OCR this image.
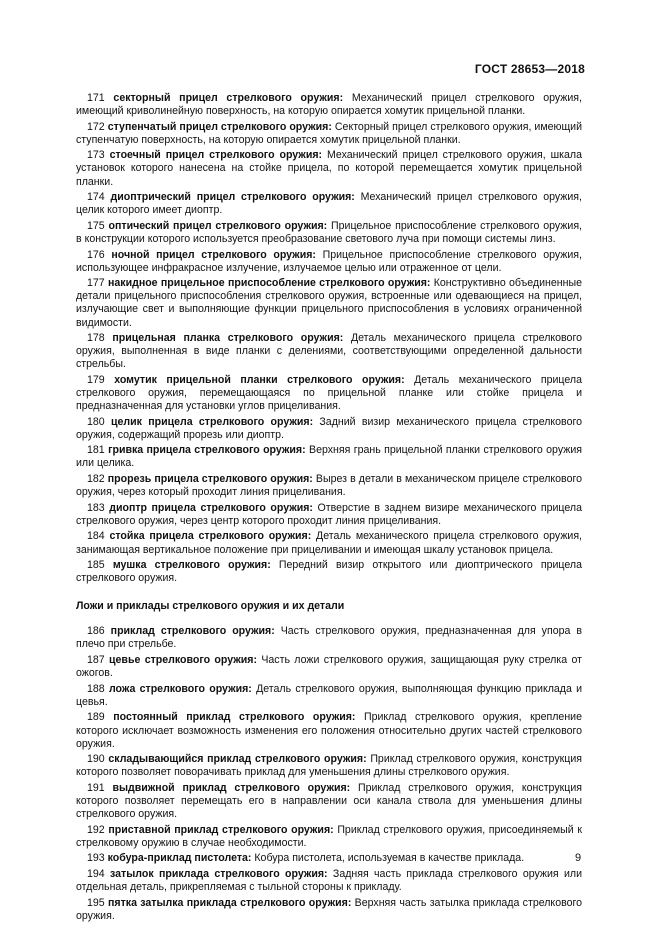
ГОСТ 28653—2018

171 секторный прицел стрелкового оружия: Механический прицел стрелкового оружия, имеющий криволинейную поверхность, на которую опирается хомутик прицельной планки.

172 ступенчатый прицел стрелкового оружия: Секторный прицел стрелкового оружия, имеющий ступенчатую поверхность, на которую опирается хомутик прицельной планки.

173 стоечный прицел стрелкового оружия: Механический прицел стрелкового оружия, шкала установок которого нанесена на стойке прицела, по которой перемещается хомутик прицельной планки.

174 диоптрический прицел стрелкового оружия: Механический прицел стрелкового оружия, целик которого имеет диоптр.

175 оптический прицел стрелкового оружия: Прицельное приспособление стрелкового оружия, в конструкции которого используется преобразование светового луча при помощи системы линз.

176 ночной прицел стрелкового оружия: Прицельное приспособление стрелкового оружия, использующее инфракрасное излучение, излучаемое целью или отраженное от цели.

177 накидное прицельное приспособление стрелкового оружия: Конструктивно объединенные детали прицельного приспособления стрелкового оружия, встроенные или одевающиеся на прицел, излучающие свет и выполняющие функции прицельного приспособления в условиях ограниченной видимости.

178 прицельная планка стрелкового оружия: Деталь механического прицела стрелкового оружия, выполненная в виде планки с делениями, соответствующими определенной дальности стрельбы.

179 хомутик прицельной планки стрелкового оружия: Деталь механического прицела стрелкового оружия, перемещающаяся по прицельной планке или стойке прицела и предназначенная для установки углов прицеливания.

180 целик прицела стрелкового оружия: Задний визир механического прицела стрелкового оружия, содержащий прорезь или диоптр.

181 гривка прицела стрелкового оружия: Верхняя грань прицельной планки стрелкового оружия или целика.

182 прорезь прицела стрелкового оружия: Вырез в детали в механическом прицеле стрелкового оружия, через который проходит линия прицеливания.

183 диоптр прицела стрелкового оружия: Отверстие в заднем визире механического прицела стрелкового оружия, через центр которого проходит линия прицеливания.

184 стойка прицела стрелкового оружия: Деталь механического прицела стрелкового оружия, занимающая вертикальное положение при прицеливании и имеющая шкалу установок прицела.

185 мушка стрелкового оружия: Передний визир открытого или диоптрического прицела стрелкового оружия.

Ложи и приклады стрелкового оружия и их детали

186 приклад стрелкового оружия: Часть стрелкового оружия, предназначенная для упора в плечо при стрельбе.

187 цевье стрелкового оружия: Часть ложи стрелкового оружия, защищающая руку стрелка от ожогов.

188 ложа стрелкового оружия: Деталь стрелкового оружия, выполняющая функцию приклада и цевья.

189 постоянный приклад стрелкового оружия: Приклад стрелкового оружия, крепление которого исключает возможность изменения его положения относительно других частей стрелкового оружия.

190 складывающийся приклад стрелкового оружия: Приклад стрелкового оружия, конструкция которого позволяет поворачивать приклад для уменьшения длины стрелкового оружия.

191 выдвижной приклад стрелкового оружия: Приклад стрелкового оружия, конструкция которого позволяет перемещать его в направлении оси канала ствола для уменьшения длины стрелкового оружия.

192 приставной приклад стрелкового оружия: Приклад стрелкового оружия, присоединяемый к стрелковому оружию в случае необходимости.

193 кобура-приклад пистолета: Кобура пистолета, используемая в качестве приклада.

194 затылок приклада стрелкового оружия: Задняя часть приклада стрелкового оружия или отдельная деталь, прикрепляемая с тыльной стороны к прикладу.

195 пятка затылка приклада стрелкового оружия: Верхняя часть затылка приклада стрелкового оружия.

9
